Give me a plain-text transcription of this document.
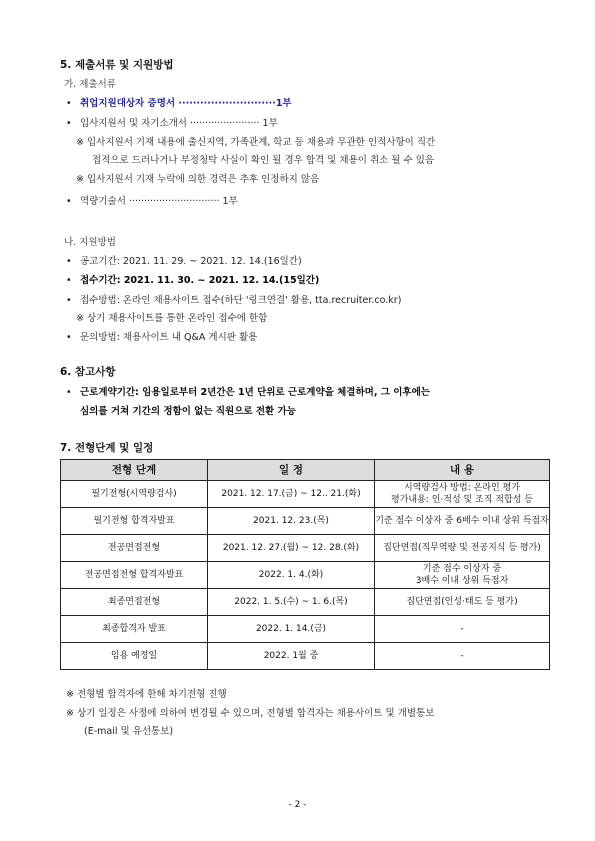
5. 제출서류 및 지원방법
가. 제출서류
• 취업지원대상자 증명서 ···························1부
• 입사지원서 및 자기소개서 ······················· 1부
※ 입사지원서 기재 내용에 출신지역, 가족관계, 학교 등 채용과 무관한 인적사항이 직간
접적으로 드러나거나 부정청탁 사실이 확인 될 경우 합격 및 채용이 취소 될 수 있음
※ 입사지원서 기재 누락에 의한 경력은 추후 인정하지 않음
• 역량기술서 ······························ 1부
나. 지원방법
• 공고기간: 2021. 11. 29. ~ 2021. 12. 14.(16일간)
• 접수기간: 2021. 11. 30. ~ 2021. 12. 14.(15일간)
• 접수방법: 온라인 채용사이트 접수(하단 '링크연결' 활용, tta.recruiter.co.kr)
※ 상기 채용사이트를 통한 온라인 접수에 한함
• 문의방법: 채용사이트 내 Q&A 게시판 활용
6. 참고사항
• 근로계약기간: 임용일로부터 2년간은 1년 단위로 근로계약을 체결하며, 그 이후에는
심의를 거쳐 기간의 정함이 없는 직원으로 전환 가능
7. 전형단계 및 일정
전형 단계	일 정	내 용
필기전형(시역량검사)	2021. 12. 17.(금) ~ 12.. 21.(화)	시역량검사 방법: 온라인 평가
평가내용: 인·적성 및 조직 적합성 등

필기전형 합격자발표	2021. 12. 23.(목)	기준 점수 이상자 중 6배수 이내 상위 득점자
전공면접전형	2021. 12. 27.(월) ~ 12. 28.(화)	집단면접(직무역량 및 전공지식 등 평가)
전공면접전형 합격자발표	2022. 1. 4.(화)	기준 점수 이상자 중
3배수 이내 상위 득점자

최종면접전형	2022. 1. 5.(수) ~ 1. 6.(목)	집단면접(인성·태도 등 평가)
최종합격자 발표	2022. 1. 14.(금)	-
임용 예정일	2022. 1월 중	-
※ 전형별 합격자에 한해 차기전형 진행
※ 상기 일정은 사정에 의하여 변경될 수 있으며, 전형별 합격자는 채용사이트 및 개별통보
(E-mail 및 유선통보)
- 2 -
